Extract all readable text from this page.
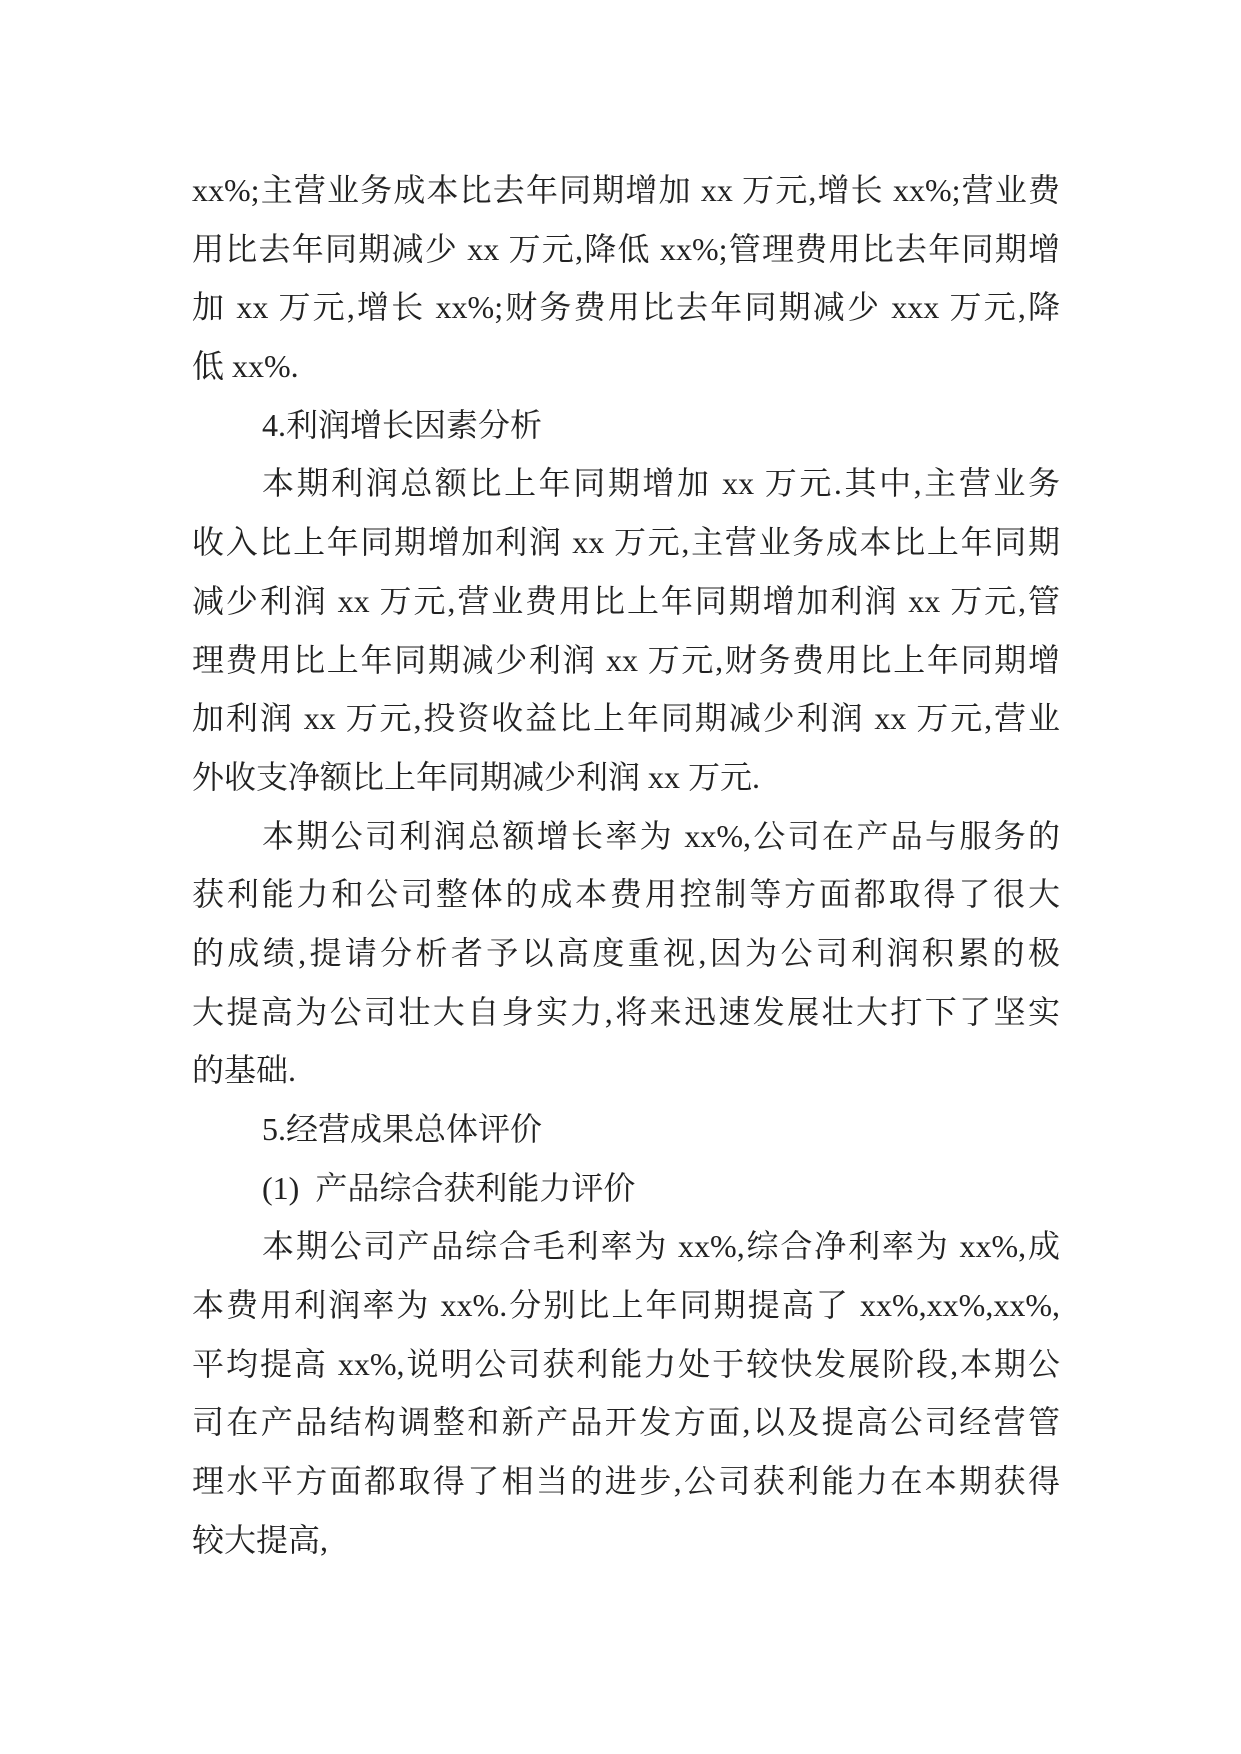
xx%;主营业务成本比去年同期增加 xx 万元,增长 xx%;营业费
用比去年同期减少 xx 万元,降低 xx%;管理费用比去年同期增
加 xx 万元,增长 xx%;财务费用比去年同期减少 xxx 万元,降
低 xx%.
4.利润增长因素分析
本期利润总额比上年同期增加 xx 万元.其中,主营业务
收入比上年同期增加利润 xx 万元,主营业务成本比上年同期
减少利润 xx 万元,营业费用比上年同期增加利润 xx 万元,管
理费用比上年同期减少利润 xx 万元,财务费用比上年同期增
加利润 xx 万元,投资收益比上年同期减少利润 xx 万元,营业
外收支净额比上年同期减少利润 xx 万元.
本期公司利润总额增长率为 xx%,公司在产品与服务的
获利能力和公司整体的成本费用控制等方面都取得了很大
的成绩,提请分析者予以高度重视,因为公司利润积累的极
大提高为公司壮大自身实力,将来迅速发展壮大打下了坚实
的基础.
5.经营成果总体评价
(1)  产品综合获利能力评价
本期公司产品综合毛利率为 xx%,综合净利率为 xx%,成
本费用利润率为 xx%.分别比上年同期提高了 xx%,xx%,xx%,
平均提高 xx%,说明公司获利能力处于较快发展阶段,本期公
司在产品结构调整和新产品开发方面,以及提高公司经营管
理水平方面都取得了相当的进步,公司获利能力在本期获得
较大提高,
